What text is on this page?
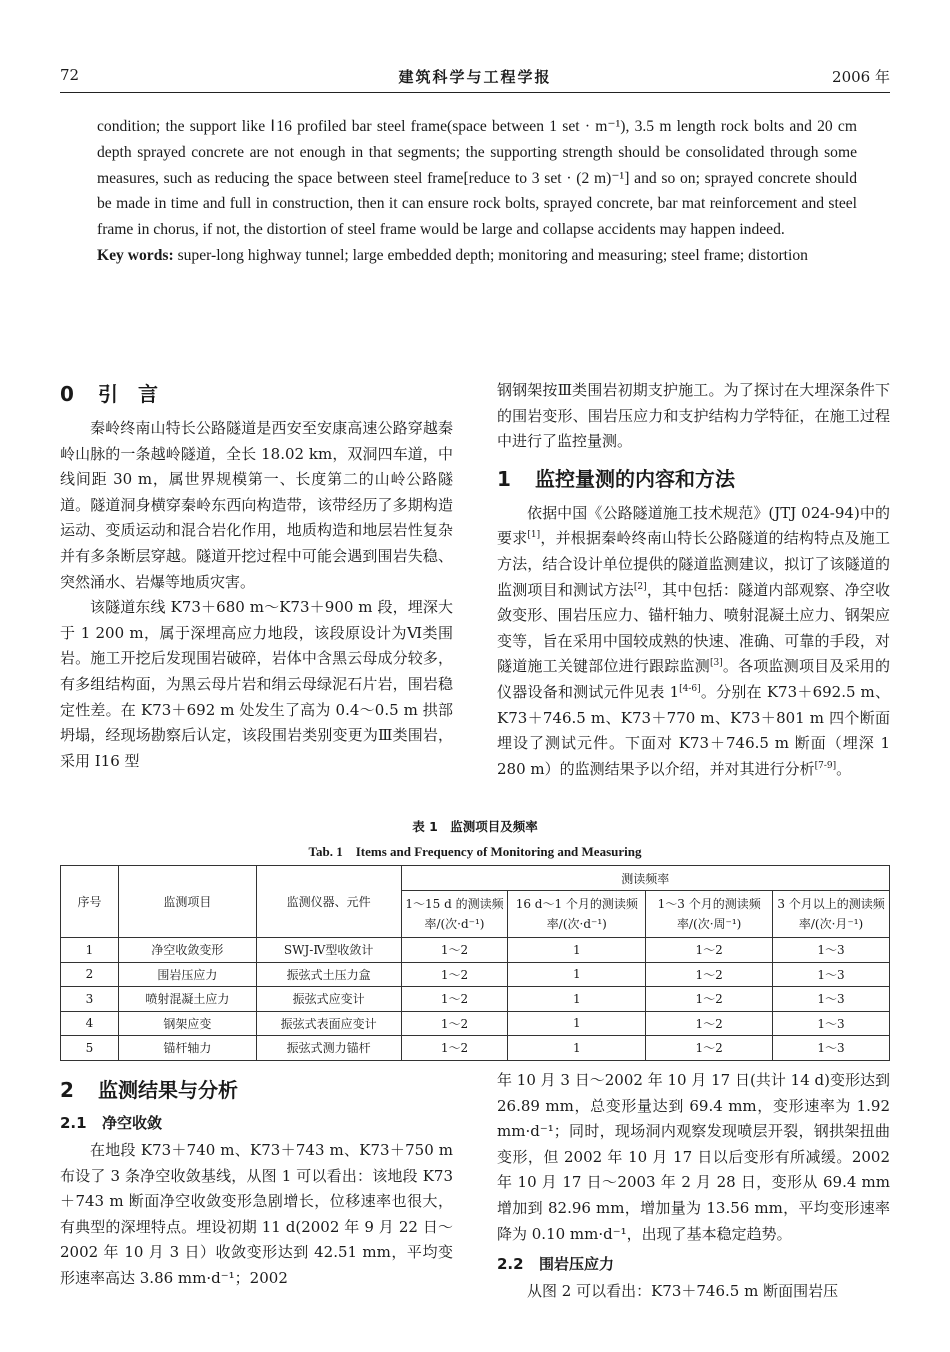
72	建筑科学与工程学报	2006 年

condition; the support like Ⅰ16 profiled bar steel frame(space between 1 set · m⁻¹), 3.5 m length rock bolts and 20 cm depth sprayed concrete are not enough in that segments; the supporting strength should be consolidated through some measures, such as reducing the space between steel frame[reduce to 3 set · (2 m)⁻¹] and so on; sprayed concrete should be made in time and full in construction, then it can ensure rock bolts, sprayed concrete, bar mat reinforcement and steel frame in chorus, if not, the distortion of steel frame would be large and collapse accidents may happen indeed.

Key words: super-long highway tunnel; large embedded depth; monitoring and measuring; steel frame; distortion

0 引　言

秦岭终南山特长公路隧道是西安至安康高速公路穿越秦岭山脉的一条越岭隧道，全长 18.02 km，双洞四车道，中线间距 30 m，属世界规模第一、长度第二的山岭公路隧道。隧道洞身横穿秦岭东西向构造带，该带经历了多期构造运动、变质运动和混合岩化作用，地质构造和地层岩性复杂并有多条断层穿越。隧道开挖过程中可能会遇到围岩失稳、突然涌水、岩爆等地质灾害。

该隧道东线 K73＋680 m～K73＋900 m 段，埋深大于 1 200 m，属于深埋高应力地段，该段原设计为Ⅵ类围岩。施工开挖后发现围岩破碎，岩体中含黑云母成分较多，有多组结构面，为黑云母片岩和绢云母绿泥石片岩，围岩稳定性差。在 K73＋692 m 处发生了高为 0.4～0.5 m 拱部坍塌，经现场勘察后认定，该段围岩类别变更为Ⅲ类围岩，采用 Ⅰ16 型

钢钢架按Ⅲ类围岩初期支护施工。为了探讨在大埋深条件下的围岩变形、围岩压应力和支护结构力学特征，在施工过程中进行了监控量测。

1 监控量测的内容和方法

依据中国《公路隧道施工技术规范》(JTJ 024-94)中的要求[1]，并根据秦岭终南山特长公路隧道的结构特点及施工方法，结合设计单位提供的隧道监测建议，拟订了该隧道的监测项目和测试方法[2]，其中包括：隧道内部观察、净空收敛变形、围岩压应力、锚杆轴力、喷射混凝土应力、钢架应变等，旨在采用中国较成熟的快速、准确、可靠的手段，对隧道施工关键部位进行跟踪监测[3]。各项监测项目及采用的仪器设备和测试元件见表 1[4-6]。分别在 K73＋692.5 m、K73＋746.5 m、K73＋770 m、K73＋801 m 四个断面埋设了测试元件。下面对 K73＋746.5 m 断面（埋深 1 280 m）的监测结果予以介绍，并对其进行分析[7-9]。

表 1　监测项目及频率
Tab. 1　Items and Frequency of Monitoring and Measuring
序号	监测项目	监测仪器、元件	测读频率			
			1～15 d 的测读频率/(次·d⁻¹)	16 d～1 个月的测读频率/(次·d⁻¹)	1～3 个月的测读频率/(次·周⁻¹)	3 个月以上的测读频率/(次·月⁻¹)
1	净空收敛变形	SWJ-Ⅳ型收敛计	1～2	1	1～2	1～3
2	围岩压应力	振弦式土压力盒	1～2	1	1～2	1～3
3	喷射混凝土应力	振弦式应变计	1～2	1	1～2	1～3
4	钢架应变	振弦式表面应变计	1～2	1	1～2	1～3
5	锚杆轴力	振弦式测力锚杆	1～2	1	1～2	1～3
2 监测结果与分析
2.1 净空收敛

在地段 K73＋740 m、K73＋743 m、K73＋750 m 布设了 3 条净空收敛基线，从图 1 可以看出：该地段 K73＋743 m 断面净空收敛变形急剧增长，位移速率也很大，有典型的深埋特点。埋设初期 11 d(2002 年 9 月 22 日～2002 年 10 月 3 日）收敛变形达到 42.51 mm，平均变形速率高达 3.86 mm·d⁻¹；2002

年 10 月 3 日～2002 年 10 月 17 日(共计 14 d)变形达到 26.89 mm，总变形量达到 69.4 mm，变形速率为 1.92 mm·d⁻¹；同时，现场洞内观察发现喷层开裂，钢拱架扭曲变形，但 2002 年 10 月 17 日以后变形有所减缓。2002 年 10 月 17 日～2003 年 2 月 28 日，变形从 69.4 mm 增加到 82.96 mm，增加量为 13.56 mm，平均变形速率降为 0.10 mm·d⁻¹，出现了基本稳定趋势。

2.2 围岩压应力

从图 2 可以看出：K73＋746.5 m 断面围岩压
